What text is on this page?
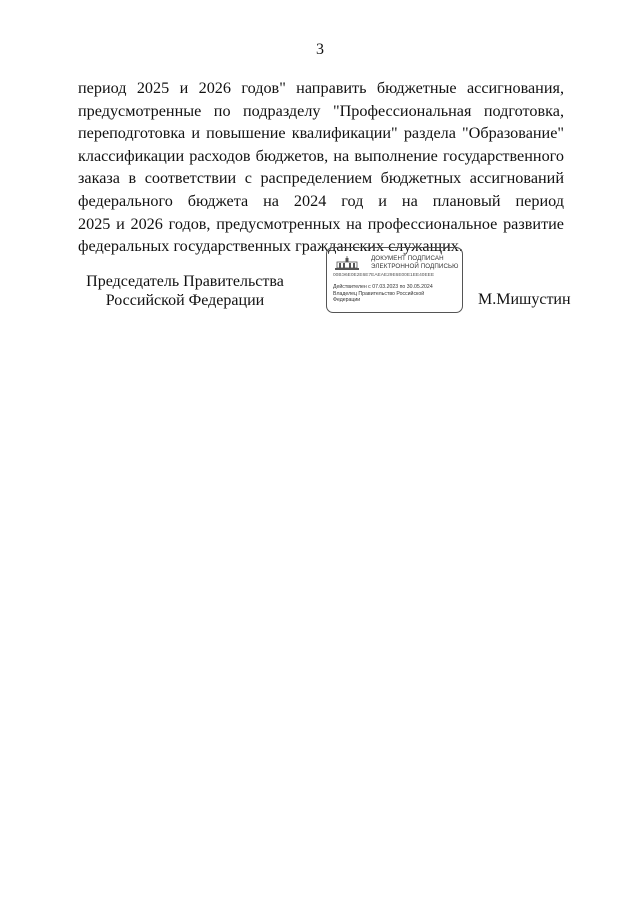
3
период 2025 и 2026 годов" направить бюджетные ассигнования,
предусмотренные по подразделу "Профессиональная подготовка,
переподготовка и повышение квалификации" раздела "Образование"
классификации расходов бюджетов, на выполнение государственного
заказа в соответствии с распределением бюджетных ассигнований
федерального бюджета на 2024 год и на плановый период
2025 и 2026 годов, предусмотренных на профессиональное развитие
федеральных государственных гражданских служащих.
Председатель Правительства
Российской Федерации
ДОКУМЕНТ ПОДПИСАН
ЭЛЕКТРОННОЙ ПОДПИСЬЮ
00ВЭ6Е0Е2Е6Е7ЕАЕАЕ29Е6Е00Е1ЕЕ40ЕЕЕ
Действителен с 07.03.2023 по 30.05.2024
Владелец Правительство Российской
Федерации	М.Мишустин
